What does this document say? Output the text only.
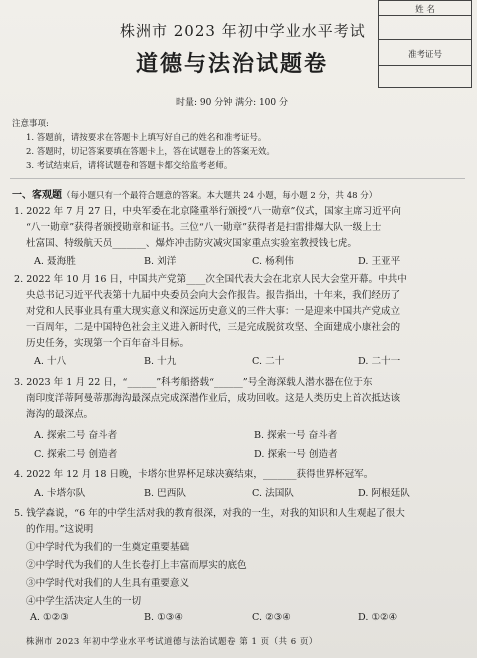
株洲市 2023 年初中学业水平考试
道德与法治试题卷
时量: 90 分钟 满分: 100 分
姓 名
准考证号
注意事项:
1. 答题前，请按要求在答题卡上填写好自己的姓名和准考证号。
2. 答题时，切记答案要填在答题卡上，答在试题卷上的答案无效。
3. 考试结束后，请将试题卷和答题卡都交给监考老师。
一、客观题（每小题只有一个最符合题意的答案。本大题共 24 小题，每小题 2 分，共 48 分）
1. 2022 年 7 月 27 日，中央军委在北京隆重举行颁授“八一勋章”仪式，国家主席习近平向
“八一勋章”获得者颁授勋章和证书。三位“八一勋章”获得者是扫雷排爆大队一级上士
杜富国、特级航天员_______、爆炸冲击防灾减灾国家重点实验室教授钱七虎。
A. 聂海胜	B. 刘洋	C. 杨利伟	D. 王亚平
2. 2022 年 10 月 16 日，中国共产党第____次全国代表大会在北京人民大会堂开幕。中共中
央总书记习近平代表第十九届中央委员会向大会作报告。报告指出，十年来，我们经历了
对党和人民事业具有重大现实意义和深远历史意义的三件大事：一是迎来中国共产党成立
一百周年，二是中国特色社会主义进入新时代，三是完成脱贫攻坚、全面建成小康社会的
历史任务，实现第一个百年奋斗目标。
A. 十八	B. 十九	C. 二十	D. 二十一
3. 2023 年 1 月 22 日，“______”科考船搭载“______”号全海深载人潜水器在位于东
南印度洋蒂阿曼蒂那海沟最深点完成深潜作业后，成功回收。这是人类历史上首次抵达该
海沟的最深点。
A. 探索二号 奋斗者	B. 探索一号 奋斗者
C. 探索二号 创造者	D. 探索一号 创造者
4. 2022 年 12 月 18 日晚，卡塔尔世界杯足球决赛结束，_______获得世界杯冠军。
A. 卡塔尔队	B. 巴西队	C. 法国队	D. 阿根廷队
5. 钱学森说，“6 年的中学生活对我的教育很深，对我的一生，对我的知识和人生观起了很大
的作用。”这说明
①中学时代为我们的一生奠定重要基础
②中学时代为我们的人生长卷打上丰富而厚实的底色
③中学时代对我们的人生具有重要意义
④中学生活决定人生的一切
A. ①②③	B. ①③④	C. ②③④	D. ①②④
株洲市 2023 年初中学业水平考试道德与法治试题卷 第 1 页（共 6 页）
